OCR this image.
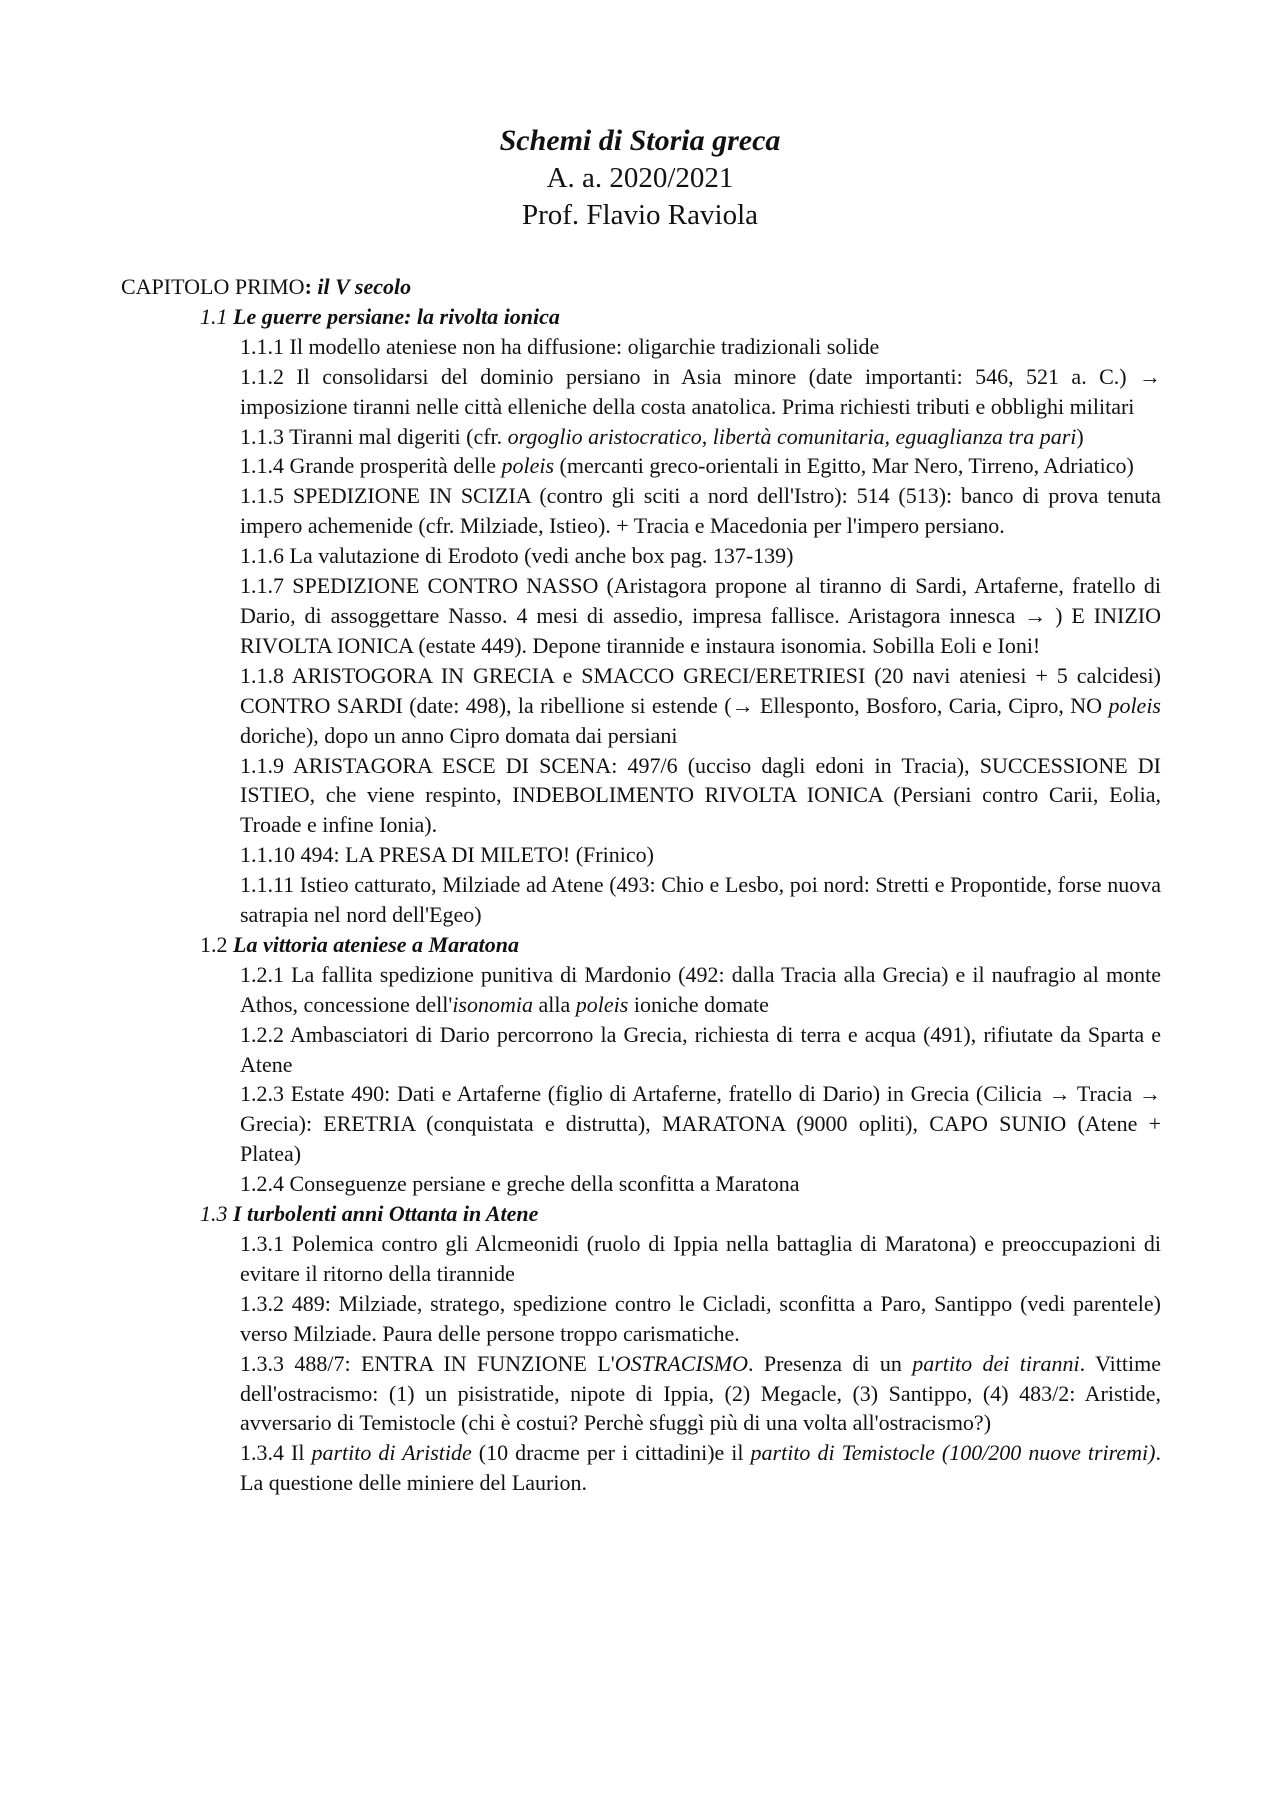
Schemi di Storia greca

A. a. 2020/2021

Prof. Flavio Raviola

CAPITOLO PRIMO: il V secolo

1.1 Le guerre persiane: la rivolta ionica

1.1.1 Il modello ateniese non ha diffusione: oligarchie tradizionali solide

1.1.2 Il consolidarsi del dominio persiano in Asia minore (date importanti: 546, 521 a. C.) → imposizione tiranni nelle città elleniche della costa anatolica. Prima richiesti tributi e obblighi militari

1.1.3 Tiranni mal digeriti (cfr. orgoglio aristocratico, libertà comunitaria, eguaglianza tra pari)

1.1.4 Grande prosperità delle poleis (mercanti greco-orientali in Egitto, Mar Nero, Tirreno, Adriatico)

1.1.5 SPEDIZIONE IN SCIZIA (contro gli sciti a nord dell'Istro): 514 (513): banco di prova tenuta impero achemenide (cfr. Milziade, Istieo). + Tracia e Macedonia per l'impero persiano.

1.1.6 La valutazione di Erodoto (vedi anche box pag. 137-139)

1.1.7 SPEDIZIONE CONTRO NASSO (Aristagora propone al tiranno di Sardi, Artaferne, fratello di Dario, di assoggettare Nasso. 4 mesi di assedio, impresa fallisce. Aristagora innesca → ) E INIZIO RIVOLTA IONICA (estate 449). Depone tirannide e instaura isonomia. Sobilla Eoli e Ioni!

1.1.8 ARISTOGORA IN GRECIA e SMACCO GRECI/ERETRIESI (20 navi ateniesi + 5 calcidesi) CONTRO SARDI (date: 498), la ribellione si estende (→ Ellesponto, Bosforo, Caria, Cipro, NO poleis doriche), dopo un anno Cipro domata dai persiani

1.1.9 ARISTAGORA ESCE DI SCENA: 497/6 (ucciso dagli edoni in Tracia), SUCCESSIONE DI ISTIEO, che viene respinto, INDEBOLIMENTO RIVOLTA IONICA (Persiani contro Carii, Eolia, Troade e infine Ionia).

1.1.10 494: LA PRESA DI MILETO! (Frinico)

1.1.11 Istieo catturato, Milziade ad Atene (493: Chio e Lesbo, poi nord: Stretti e Propontide, forse nuova satrapia nel nord dell'Egeo)

1.2 La vittoria ateniese a Maratona

1.2.1 La fallita spedizione punitiva di Mardonio (492: dalla Tracia alla Grecia) e il naufragio al monte Athos, concessione dell'isonomia alla poleis ioniche domate

1.2.2 Ambasciatori di Dario percorrono la Grecia, richiesta di terra e acqua (491), rifiutate da Sparta e Atene

1.2.3 Estate 490: Dati e Artaferne (figlio di Artaferne, fratello di Dario) in Grecia (Cilicia → Tracia → Grecia): ERETRIA (conquistata e distrutta), MARATONA (9000 opliti), CAPO SUNIO (Atene + Platea)

1.2.4 Conseguenze persiane e greche della sconfitta a Maratona

1.3 I turbolenti anni Ottanta in Atene

1.3.1 Polemica contro gli Alcmeonidi (ruolo di Ippia nella battaglia di Maratona) e preoccupazioni di evitare il ritorno della tirannide

1.3.2 489: Milziade, stratego, spedizione contro le Cicladi, sconfitta a Paro, Santippo (vedi parentele) verso Milziade. Paura delle persone troppo carismatiche.

1.3.3 488/7: ENTRA IN FUNZIONE L'OSTRACISMO. Presenza di un partito dei tiranni. Vittime dell'ostracismo: (1) un pisistratide, nipote di Ippia, (2) Megacle, (3) Santippo, (4) 483/2: Aristide, avversario di Temistocle (chi è costui? Perchè sfuggì più di una volta all'ostracismo?)

1.3.4 Il partito di Aristide (10 dracme per i cittadini)e il partito di Temistocle (100/200 nuove triremi). La questione delle miniere del Laurion.
